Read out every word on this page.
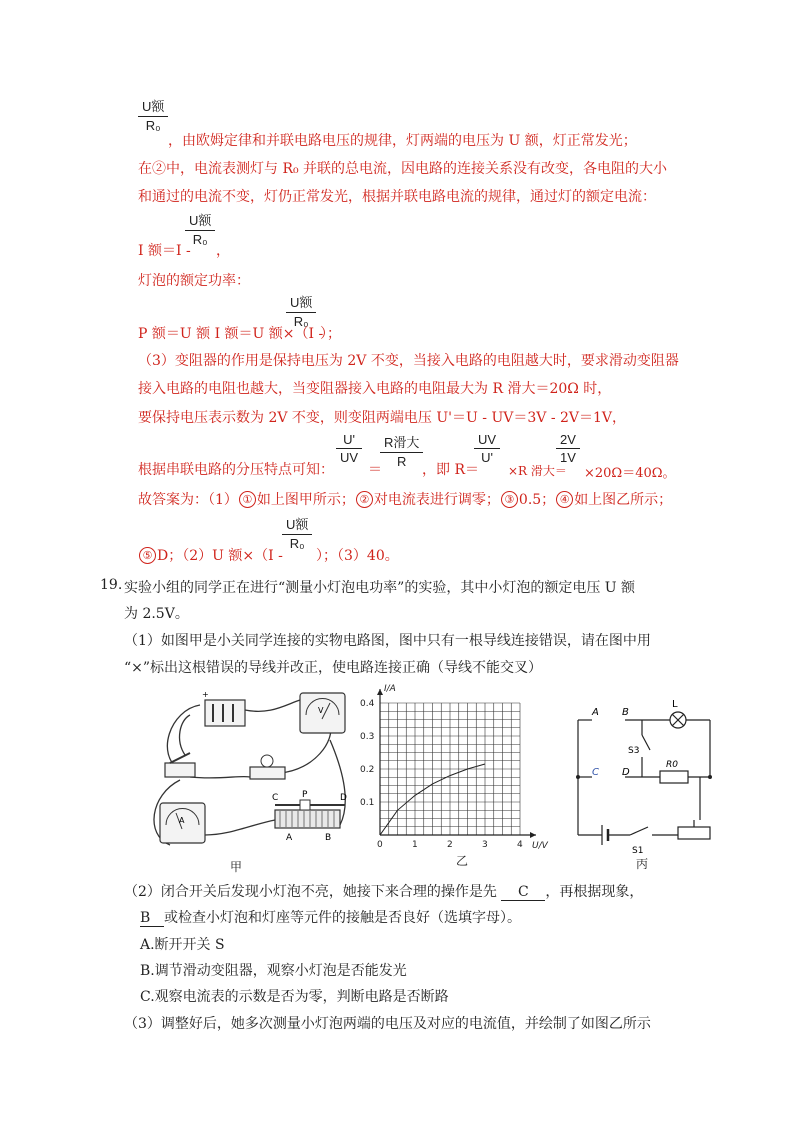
U额
R₀
，由欧姆定律和并联电路电压的规律，灯两端的电压为 U 额，灯正常发光；
在②中，电流表测灯与 R₀ 并联的总电流，因电路的连接关系没有改变，各电阻的大小
和通过的电流不变，灯仍正常发光，根据并联电路电流的规律，通过灯的额定电流：
U额
R₀
I 额＝I - ，
灯泡的额定功率：
U额
R₀
P 额＝U 额 I 额＝U 额×（I -
）；
（3）变阻器的作用是保持电压为 2V 不变，当接入电路的电阻越大时，要求滑动变阻器
接入电路的电阻也越大，当变阻器接入电路的电阻最大为 R 滑大＝20Ω 时，
要保持电压表示数为 2V 不变，则变阻两端电压 U'＝U - UV＝3V - 2V＝1V，
根据串联电路的分压特点可知：
U'
UV
＝
R滑大
R
，即 R＝
UV
U'
×R 滑大＝
2V
1V
×20Ω＝40Ω。
故答案为：（1） ① 如上图甲所示； ② 对电流表进行调零； ③ 0.5； ④ 如上图乙所示；
U额
R₀
⑤ D；（2）U 额×（I - ）；（3）40。
19. 实验小组的同学正在进行“测量小灯泡电功率”的实验，其中小灯泡的额定电压 U 额
为 2.5V。
（1）如图甲是小关同学连接的实物电路图，图中只有一根导线连接错误，请在图中用
“×”标出这根错误的导线并改正，使电路连接正确（导线不能交叉）
+
V
A
C	P	D
A	B
甲
0	1	2	3	4
0.1
0.2
0.3
0.4
U/V
I/A
乙
A B
C D
L
S3
R0
S1
丙
（2）闭合开关后发现小灯泡不亮，她接下来合理的操作是先 C ，再根据现象，
B 或检查小灯泡和灯座等元件的接触是否良好（选填字母）。
A.断开开关 S
B.调节滑动变阻器，观察小灯泡是否能发光
C.观察电流表的示数是否为零，判断电路是否断路
（3）调整好后，她多次测量小灯泡两端的电压及对应的电流值，并绘制了如图乙所示
